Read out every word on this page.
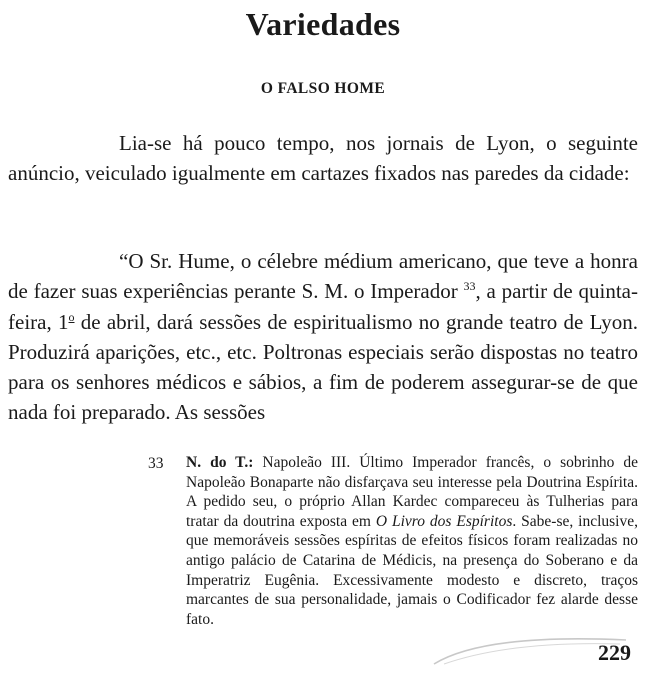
Variedades
O FALSO HOME

Lia-se há pouco tempo, nos jornais de Lyon, o seguinte anúncio, veiculado igualmente em cartazes fixados nas paredes da cidade:

“O Sr. Hume, o célebre médium americano, que teve a honra de fazer suas experiências perante S. M. o Imperador $^{33}$, a partir de quinta-feira, 1$^o$ de abril, dará sessões de espiritualismo no grande teatro de Lyon. Produzirá aparições, etc., etc. Poltronas especiais serão dispostas no teatro para os senhores médicos e sábios, a fim de poderem assegurar-se de que nada foi preparado. As sessões

33 N. do T.: Napoleão III. Último Imperador francês, o sobrinho de Napoleão Bonaparte não disfarçava seu interesse pela Doutrina Espírita. A pedido seu, o próprio Allan Kardec compareceu às Tulherias para tratar da doutrina exposta em O Livro dos Espíritos. Sabe-se, inclusive, que memoráveis sessões espíritas de efeitos físicos foram realizadas no antigo palácio de Catarina de Médicis, na presença do Soberano e da Imperatriz Eugênia. Excessivamente modesto e discreto, traços marcantes de sua personalidade, jamais o Codificador fez alarde desse fato.

229
